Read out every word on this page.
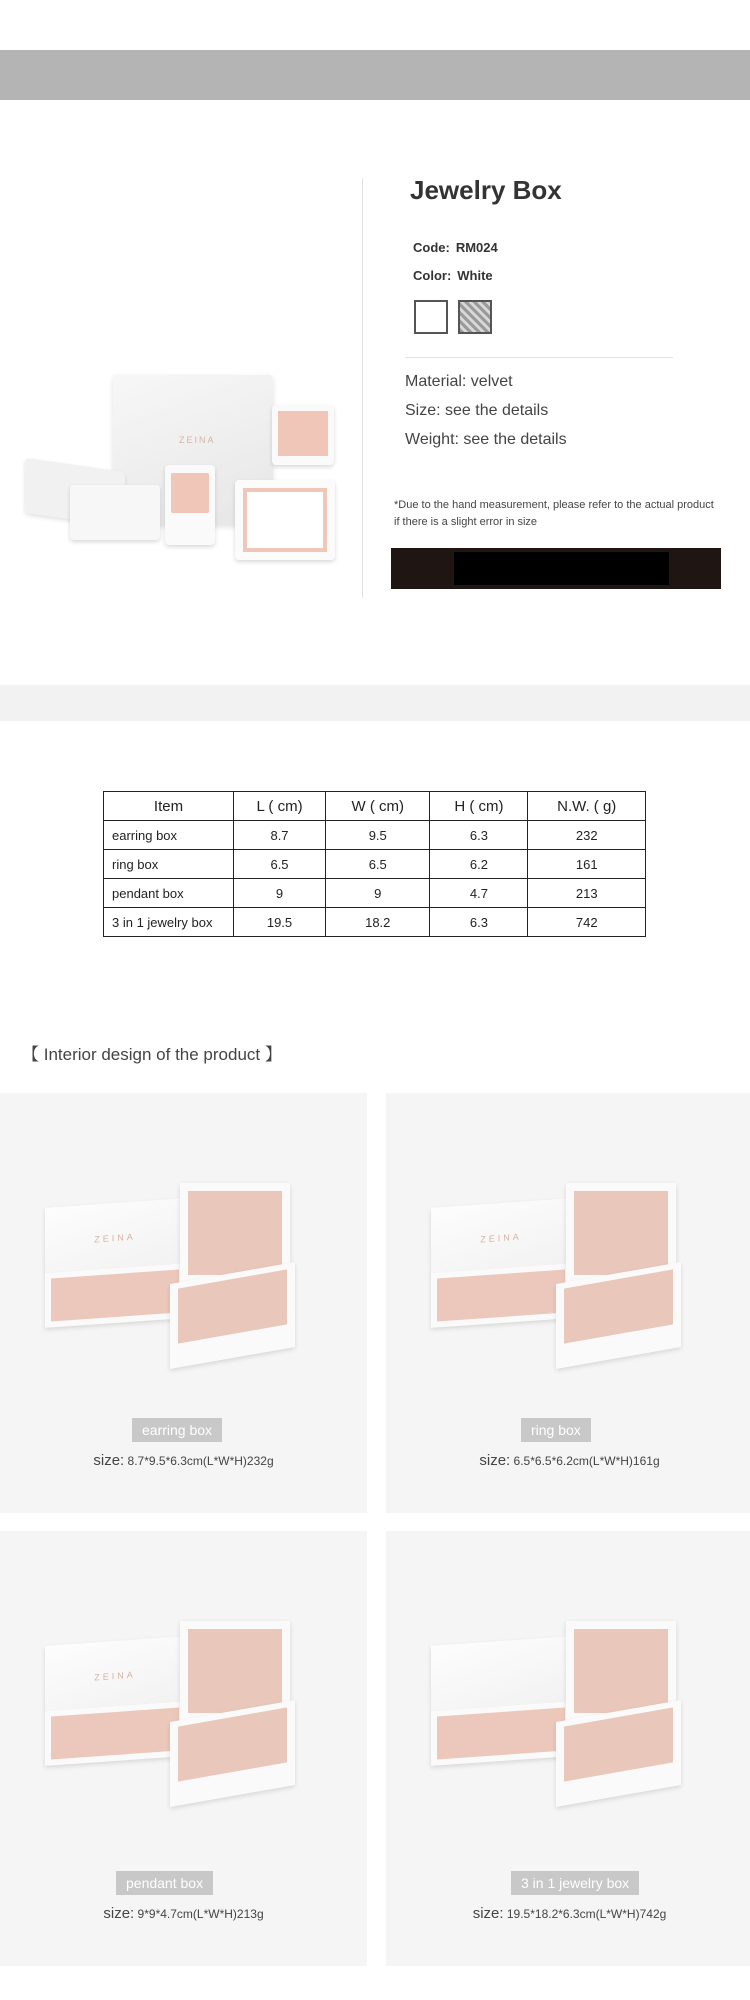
ZEINA
Jewelry Box
Code: RM024
Color: White
Material: velvet
Size: see the details
Weight: see the details
*Due to the hand measurement, please refer to the actual product if there is a slight error in size
Item	L ( cm)	W ( cm)	H ( cm)	N.W. ( g)
earring box	8.7	9.5	6.3	232
ring box	6.5	6.5	6.2	161
pendant box	9	9	4.7	213
3 in 1 jewelry box	19.5	18.2	6.3	742
【 Interior design of the product 】
ZEINA
earring box
size: 8.7*9.5*6.3cm(L*W*H)232g
ZEINA
ring box
size: 6.5*6.5*6.2cm(L*W*H)161g
ZEINA
pendant box
size: 9*9*4.7cm(L*W*H)213g
3 in 1 jewelry box
size: 19.5*18.2*6.3cm(L*W*H)742g
